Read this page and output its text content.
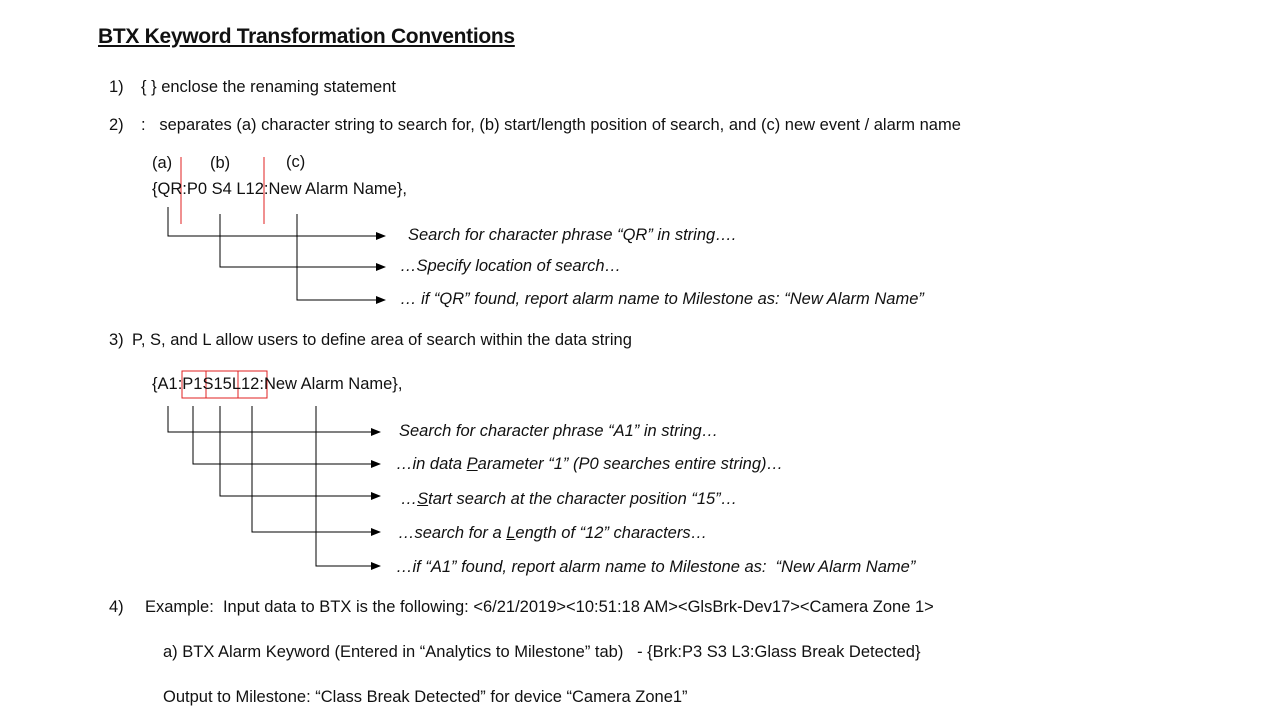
BTX Keyword Transformation Conventions
1) { } enclose the renaming statement
2) :   separates (a) character string to search for, (b) start/length position of search, and (c) new event / alarm name
(a) (b)	(c)
{QR:P0 S4 L12:New Alarm Name},
Search for character phrase “QR” in string….
…Specify location of search…
… if “QR” found, report alarm name to Milestone as: “New Alarm Name”
3) P, S, and L allow users to define area of search within the data string
{A1:P1S15L12:New Alarm Name},
Search for character phrase “A1” in string…
…in data Parameter “1” (P0 searches entire string)…
…Start search at the character position “15”…
…search for a Length of “12” characters…
…if “A1” found, report alarm name to Milestone as:  “New Alarm Name”
4) Example:  Input data to BTX is the following: <6/21/2019><10:51:18 AM><GlsBrk-Dev17><Camera Zone 1>
a) BTX Alarm Keyword (Entered in “Analytics to Milestone” tab)   - {Brk:P3 S3 L3:Glass Break Detected}
Output to Milestone: “Class Break Detected” for device “Camera Zone1”
